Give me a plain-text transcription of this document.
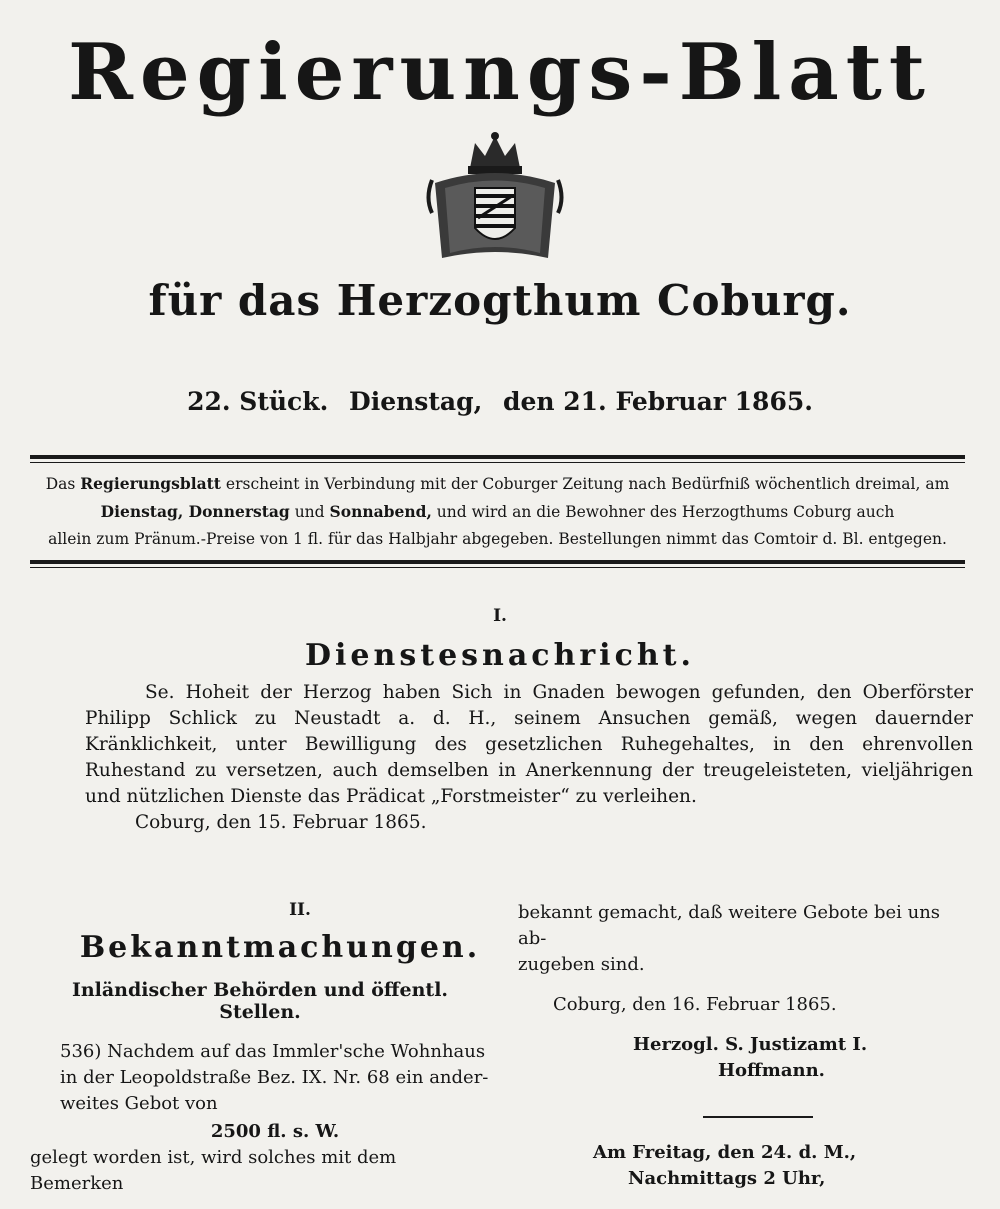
Regierungs-Blatt
für das Herzogthum Coburg.
22. Stück. Dienstag, den 21. Februar 1865.
Das Regierungsblatt erscheint in Verbindung mit der Coburger Zeitung nach Bedürfniß wöchentlich dreimal, am
Dienstag, Donnerstag und Sonnabend, und wird an die Bewohner des Herzogthums Coburg auch
allein zum Pränum.-Preise von 1 fl. für das Halbjahr abgegeben. Bestellungen nimmt das Comtoir d. Bl. entgegen.
I.
Dienstesnachricht.
Se. Hoheit der Herzog haben Sich in Gnaden bewogen gefunden, den Oberförster Philipp Schlick zu Neustadt a. d. H., seinem Ansuchen gemäß, wegen dauernder Kränklichkeit, unter Bewilligung des gesetzlichen Ruhegehaltes, in den ehrenvollen Ruhestand zu versetzen, auch demselben in Anerkennung der treugeleisteten, vieljährigen und nützlichen Dienste das Prädicat „Forstmeister“ zu verleihen.
Coburg, den 15. Februar 1865.
II.
Bekanntmachungen.
Inländischer Behörden und öffentl. Stellen.
536) Nachdem auf das Immler'sche Wohnhaus
in der Leopoldstraße Bez. IX. Nr. 68 ein ander-
weites Gebot von
2500 fl. s. W.
gelegt worden ist, wird solches mit dem Bemerken
bekannt gemacht, daß weitere Gebote bei uns ab-
zugeben sind.
Coburg, den 16. Februar 1865.
Herzogl. S. Justizamt I.
Hoffmann.
Am Freitag, den 24. d. M.,
Nachmittags 2 Uhr,
